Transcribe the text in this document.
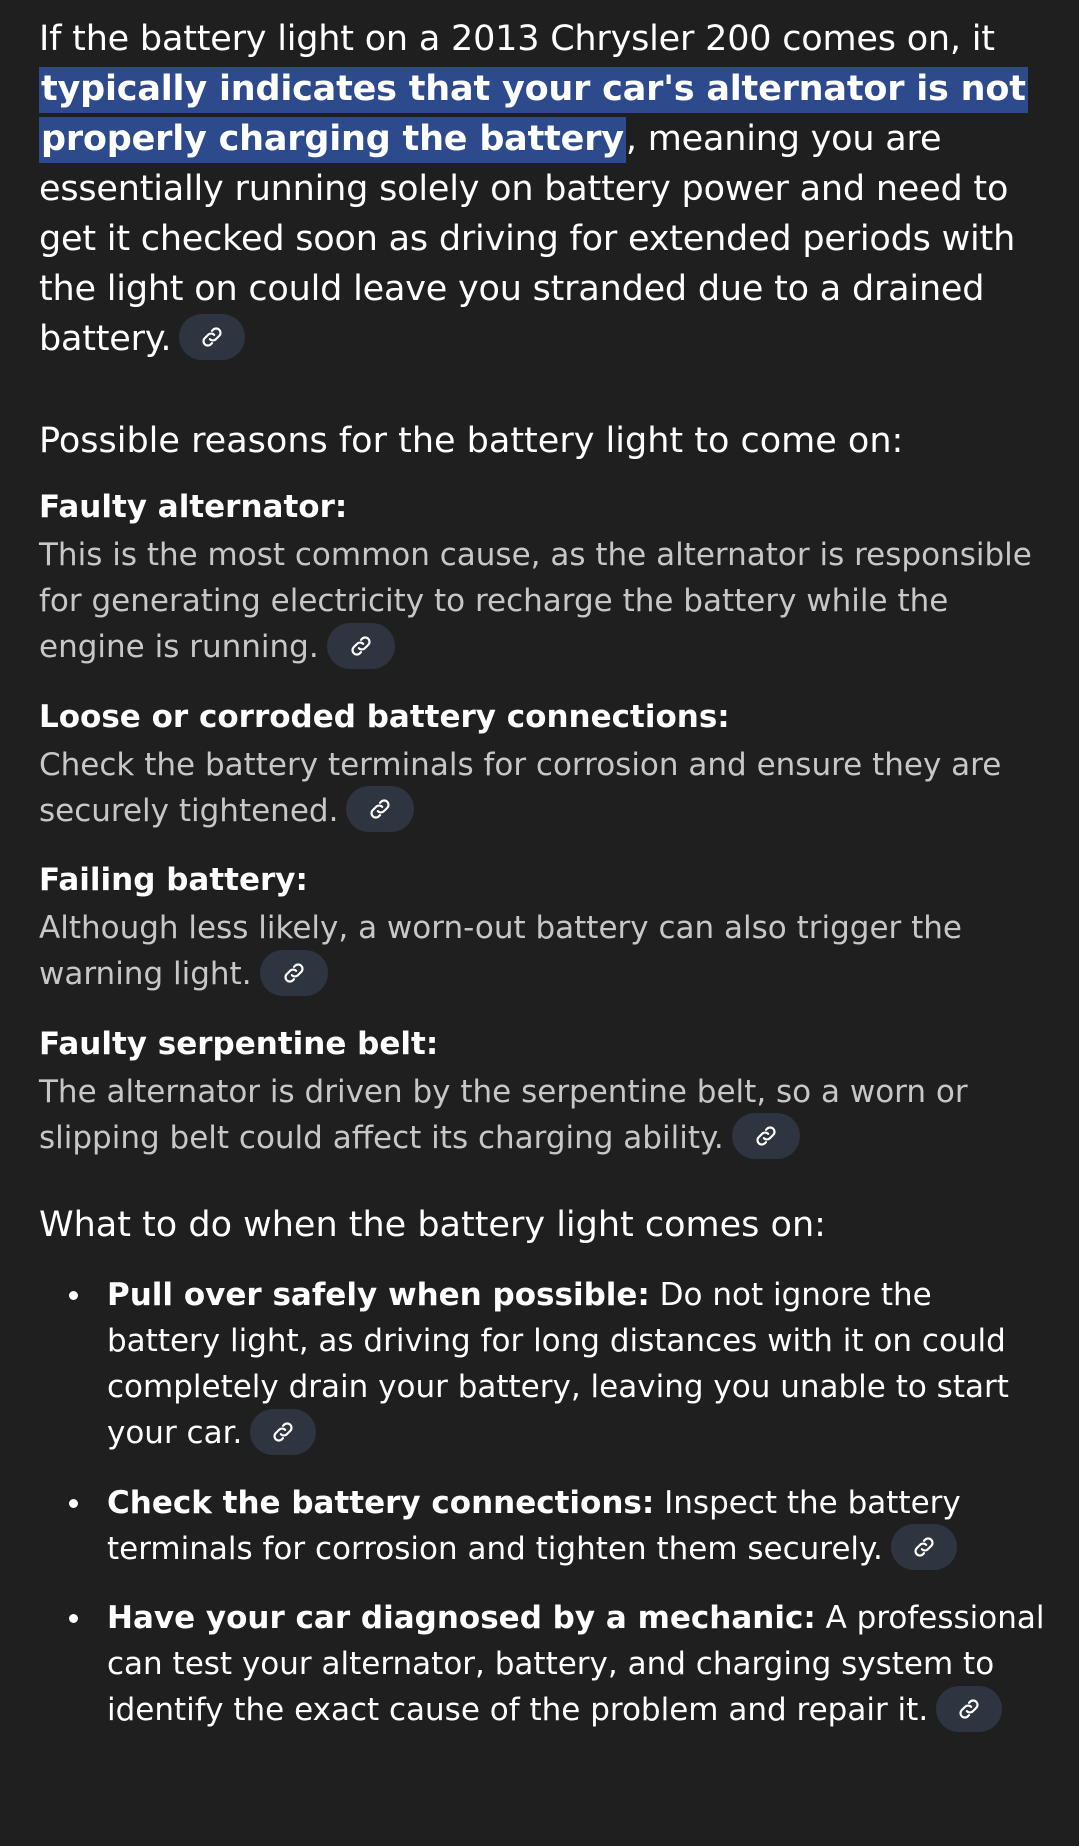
If the battery light on a 2013 Chrysler 200 comes on, it typically indicates that your car's alternator is not properly charging the battery, meaning you are essentially running solely on battery power and need to get it checked soon as driving for extended periods with the light on could leave you stranded due to a drained battery.

Possible reasons for the battery light to come on:
Faulty alternator:

This is the most common cause, as the alternator is responsible for generating electricity to recharge the battery while the engine is running.

Loose or corroded battery connections:

Check the battery terminals for corrosion and ensure they are securely tightened.

Failing battery:

Although less likely, a worn-out battery can also trigger the warning light.

Faulty serpentine belt:

The alternator is driven by the serpentine belt, so a worn or slipping belt could affect its charging ability.

What to do when the battery light comes on:
Pull over safely when possible: Do not ignore the battery light, as driving for long distances with it on could completely drain your battery, leaving you unable to start your car.
Check the battery connections: Inspect the battery terminals for corrosion and tighten them securely.
Have your car diagnosed by a mechanic: A professional can test your alternator, battery, and charging system to identify the exact cause of the problem and repair it.
